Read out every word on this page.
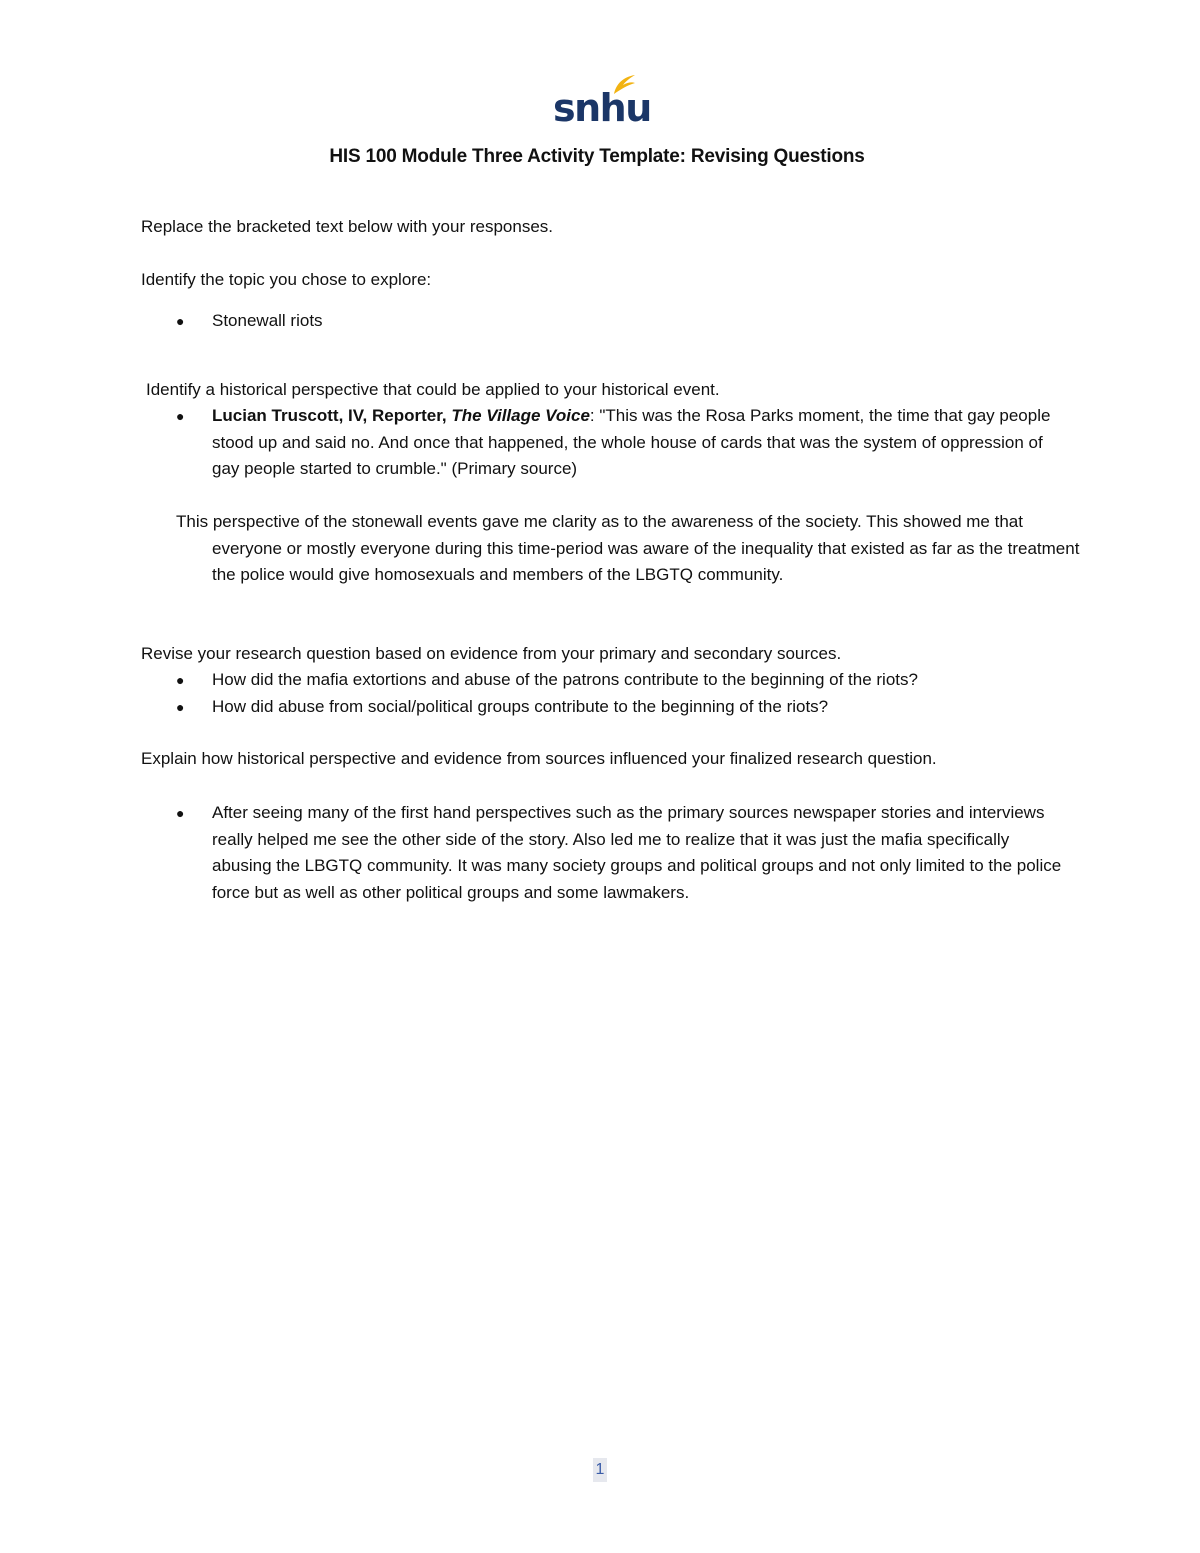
snhu
HIS 100 Module Three Activity Template: Revising Questions

Replace the bracketed text below with your responses.

Identify the topic you chose to explore:

● Stonewall riots

Identify a historical perspective that could be applied to your historical event.

● Lucian Truscott, IV, Reporter, The Village Voice: "This was the Rosa Parks moment, the time that gay people stood up and said no. And once that happened, the whole house of cards that was the system of oppression of gay people started to crumble." (Primary source)
This perspective of the stonewall events gave me clarity as to the awareness of the society. This showed me that everyone or mostly everyone during this time-period was aware of the inequality that existed as far as the treatment the police would give homosexuals and members of the LBGTQ community.

Revise your research question based on evidence from your primary and secondary sources.

● How did the mafia extortions and abuse of the patrons contribute to the beginning of the riots?
● How did abuse from social/political groups contribute to the beginning of the riots?

Explain how historical perspective and evidence from sources influenced your finalized research question.

● After seeing many of the first hand perspectives such as the primary sources newspaper stories and interviews really helped me see the other side of the story. Also led me to realize that it was just the mafia specifically abusing the LBGTQ community. It was many society groups and political groups and not only limited to the police force but as well as other political groups and some lawmakers.
1
